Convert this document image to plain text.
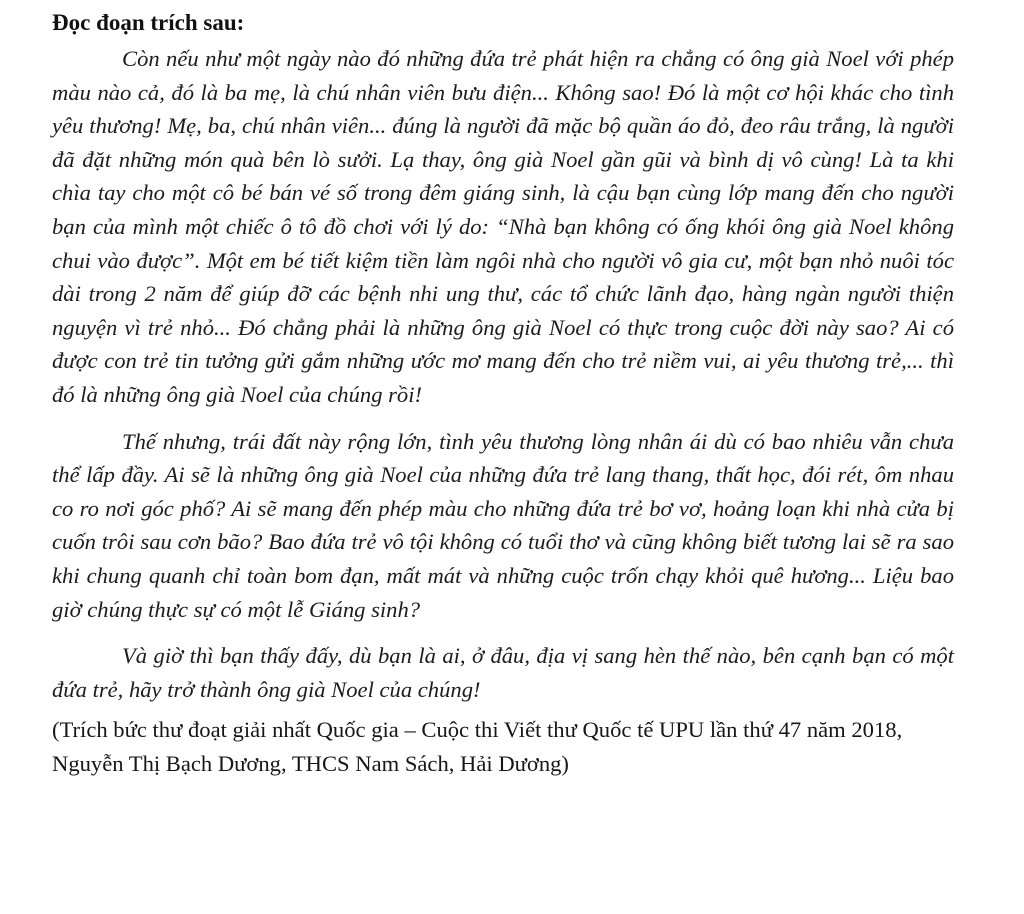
Đọc đoạn trích sau:

Còn nếu như một ngày nào đó những đứa trẻ phát hiện ra chẳng có ông già Noel với phép màu nào cả, đó là ba mẹ, là chú nhân viên bưu điện... Không sao! Đó là một cơ hội khác cho tình yêu thương! Mẹ, ba, chú nhân viên... đúng là người đã mặc bộ quần áo đỏ, đeo râu trắng, là người đã đặt những món quà bên lò sưởi. Lạ thay, ông già Noel gần gũi và bình dị vô cùng! Là ta khi chìa tay cho một cô bé bán vé số trong đêm giáng sinh, là cậu bạn cùng lớp mang đến cho người bạn của mình một chiếc ô tô đồ chơi với lý do: “Nhà bạn không có ống khói ông già Noel không chui vào được”. Một em bé tiết kiệm tiền làm ngôi nhà cho người vô gia cư, một bạn nhỏ nuôi tóc dài trong 2 năm để giúp đỡ các bệnh nhi ung thư, các tổ chức lãnh đạo, hàng ngàn người thiện nguyện vì trẻ nhỏ... Đó chẳng phải là những ông già Noel có thực trong cuộc đời này sao? Ai có được con trẻ tin tưởng gửi gắm những ước mơ mang đến cho trẻ niềm vui, ai yêu thương trẻ,... thì đó là những ông già Noel của chúng rồi!

Thế nhưng, trái đất này rộng lớn, tình yêu thương lòng nhân ái dù có bao nhiêu vẫn chưa thể lấp đầy. Ai sẽ là những ông già Noel của những đứa trẻ lang thang, thất học, đói rét, ôm nhau co ro nơi góc phố? Ai sẽ mang đến phép màu cho những đứa trẻ bơ vơ, hoảng loạn khi nhà cửa bị cuốn trôi sau cơn bão? Bao đứa trẻ vô tội không có tuổi thơ và cũng không biết tương lai sẽ ra sao khi chung quanh chỉ toàn bom đạn, mất mát và những cuộc trốn chạy khỏi quê hương... Liệu bao giờ chúng thực sự có một lễ Giáng sinh?

Và giờ thì bạn thấy đấy, dù bạn là ai, ở đâu, địa vị sang hèn thế nào, bên cạnh bạn có một đứa trẻ, hãy trở thành ông già Noel của chúng!

(Trích bức thư đoạt giải nhất Quốc gia – Cuộc thi Viết thư Quốc tế UPU lần thứ 47 năm 2018, Nguyễn Thị Bạch Dương, THCS Nam Sách, Hải Dương)
